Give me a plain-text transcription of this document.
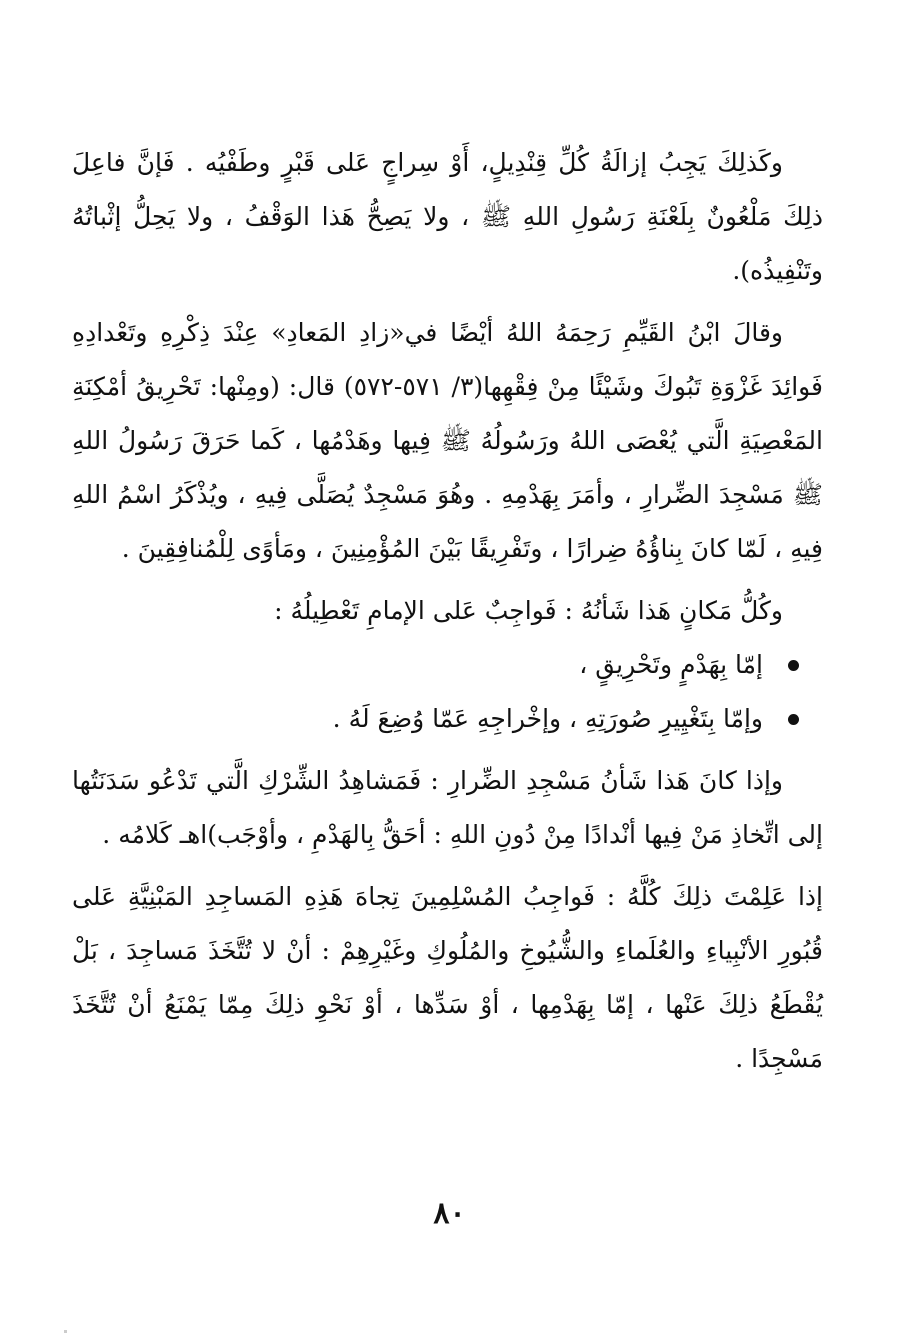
وكَذلِكَ يَجِبُ إزالَةُ كُلِّ قِنْدِيلٍ، أَوْ سِراجٍ عَلى قَبْرٍ وطَفْيُه . فَإنَّ فاعِلَ ذلِكَ مَلْعُونٌ بِلَعْنَةِ رَسُولِ اللهِ ﷺ ، ولا يَصِحُّ هَذا الوَقْفُ ، ولا يَحِلُّ إثْباتُهُ وتَنْفِيذُه).

وقالَ ابْنُ القَيِّمِ رَحِمَهُ اللهُ أيْضًا في«زادِ المَعادِ» عِنْدَ ذِكْرِهِ وتَعْدادِهِ فَوائِدَ غَزْوَةِ تَبُوكَ وشَيْئًا مِنْ فِقْهِها(٣/ ٥٧١-٥٧٢) قال: (ومِنْها: تَحْرِيقُ أمْكِنَةِ المَعْصِيَةِ الَّتي يُعْصَى اللهُ ورَسُولُهُ ﷺ فِيها وهَدْمُها ، كَما حَرَقَ رَسُولُ اللهِ ﷺ مَسْجِدَ الضِّرارِ ، وأمَرَ بِهَدْمِهِ . وهُوَ مَسْجِدٌ يُصَلَّى فِيهِ ، ويُذْكَرُ اسْمُ اللهِ فِيهِ ، لَمّا كانَ بِناؤُهُ ضِرارًا ، وتَفْرِيقًا بَيْنَ المُؤْمِنِينَ ، ومَأوًى لِلْمُنافِقِينَ .

وكُلُّ مَكانٍ هَذا شَأنُهُ : فَواجِبٌ عَلى الإمامِ تَعْطِيلُهُ :

إمّا بِهَدْمٍ وتَحْرِيقٍ ،
وإمّا بِتَغْيِيرِ صُورَتِهِ ، وإخْراجِهِ عَمّا وُضِعَ لَهُ .

وإذا كانَ هَذا شَأنُ مَسْجِدِ الضِّرارِ : فَمَشاهِدُ الشِّرْكِ الَّتي تَدْعُو سَدَنَتُها إلى اتِّخاذِ مَنْ فِيها أنْدادًا مِنْ دُونِ اللهِ : أحَقُّ بِالهَدْمِ ، وأوْجَب)اهـ كَلامُه .

إذا عَلِمْتَ ذلِكَ كُلَّهُ : فَواجِبُ المُسْلِمِينَ تِجاهَ هَذِهِ المَساجِدِ المَبْنِيَّةِ عَلى قُبُورِ الأنْبِياءِ والعُلَماءِ والشُّيُوخِ والمُلُوكِ وغَيْرِهِمْ : أنْ لا تُتَّخَذَ مَساجِدَ ، بَلْ يُقْطَعُ ذلِكَ عَنْها ، إمّا بِهَدْمِها ، أوْ سَدِّها ، أوْ نَحْوِ ذلِكَ مِمّا يَمْنَعُ أنْ تُتَّخَذَ مَسْجِدًا .

٨٠
